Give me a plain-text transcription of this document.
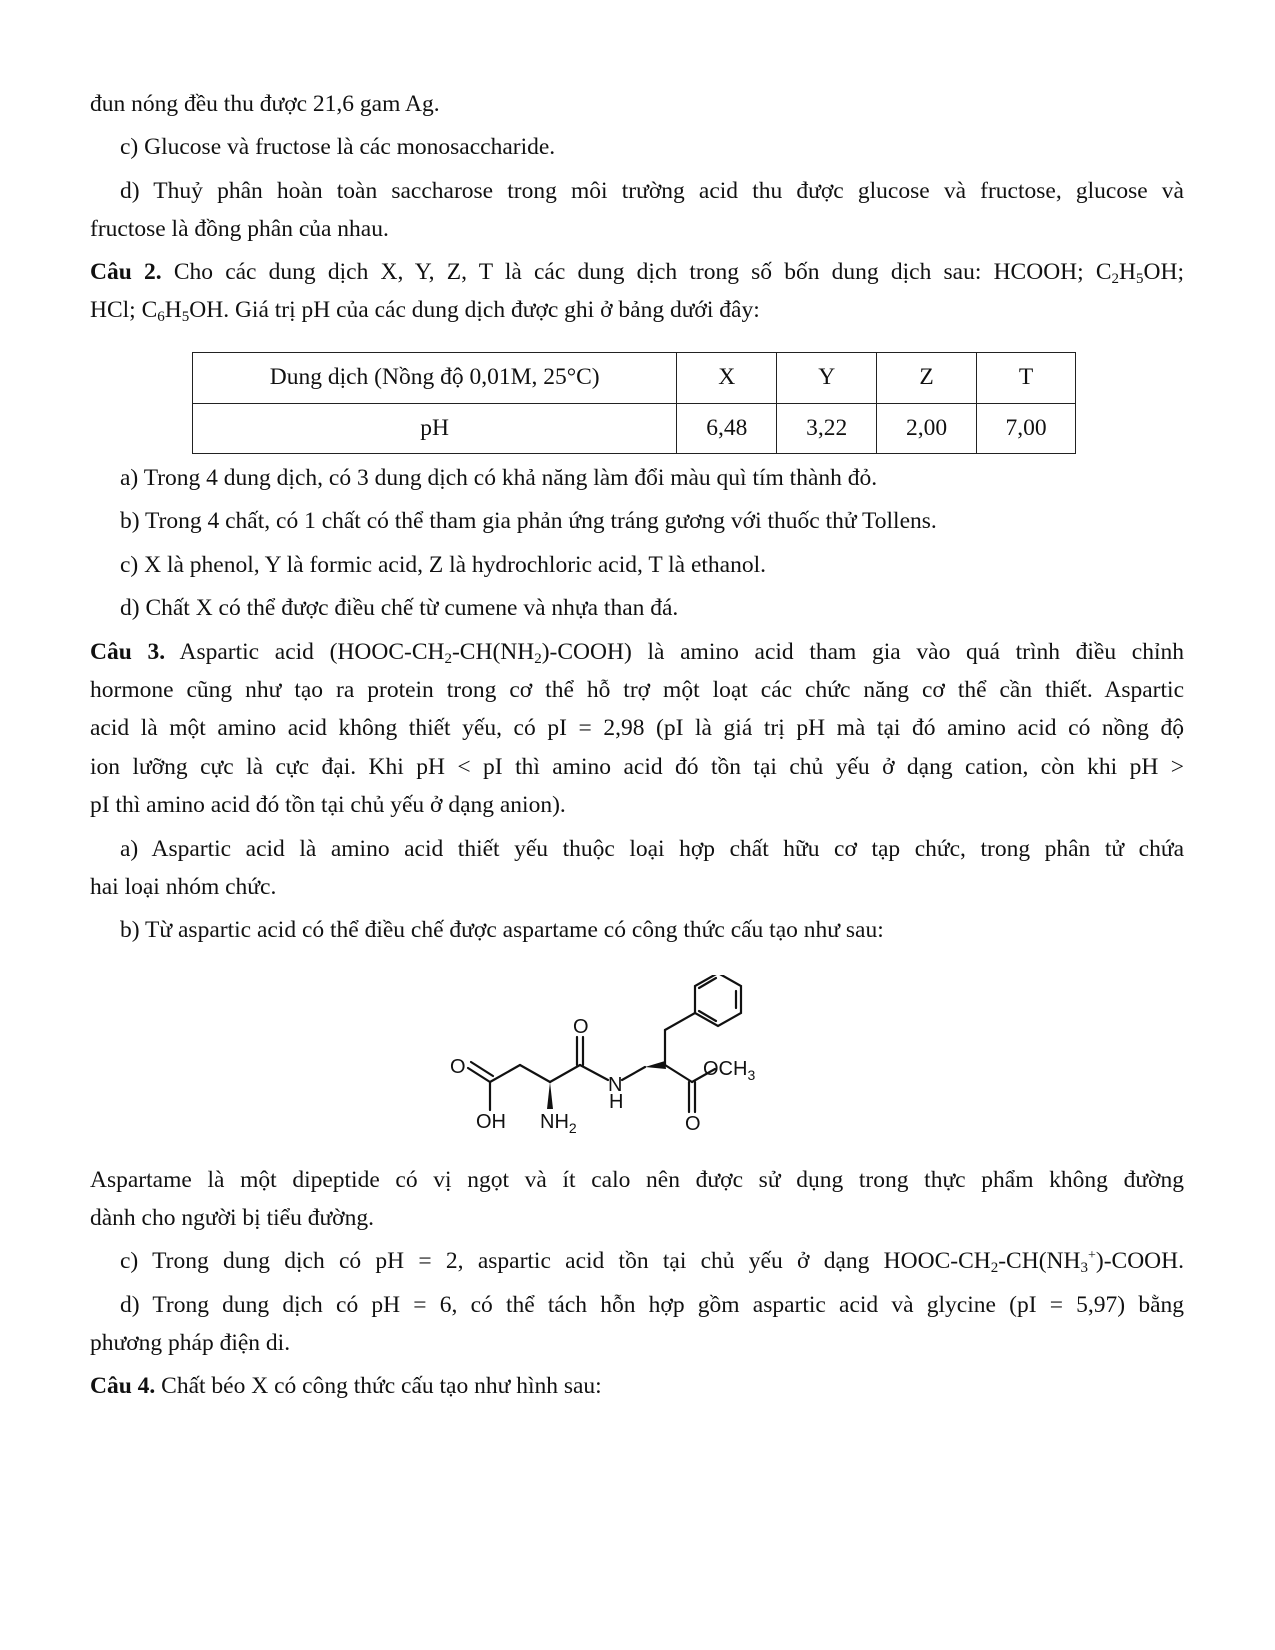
đun nóng đều thu được 21,6 gam Ag.

c) Glucose và fructose là các monosaccharide.

d) Thuỷ phân hoàn toàn saccharose trong môi trường acid thu được glucose và fructose, glucose và

fructose là đồng phân của nhau.

Câu 2. Cho các dung dịch X, Y, Z, T là các dung dịch trong số bốn dung dịch sau: HCOOH; $C_2H_5OH$;

HCl; $C_6H_5OH$. Giá trị pH của các dung dịch được ghi ở bảng dưới đây:

Dung dịch (Nồng độ 0,01M, 25°C)	X	Y	Z	T
pH	6,48	3,22	2,00	7,00

a) Trong 4 dung dịch, có 3 dung dịch có khả năng làm đổi màu quì tím thành đỏ.

b) Trong 4 chất, có 1 chất có thể tham gia phản ứng tráng gương với thuốc thử Tollens.

c) X là phenol, Y là formic acid, Z là hydrochloric acid, T là ethanol.

d) Chất X có thể được điều chế từ cumene và nhựa than đá.

Câu 3. Aspartic acid $(HOOC-CH_2-CH(NH_2)-COOH)$ là amino acid tham gia vào quá trình điều chỉnh

hormone cũng như tạo ra protein trong cơ thể hỗ trợ một loạt các chức năng cơ thể cần thiết. Aspartic

acid là một amino acid không thiết yếu, có pI = 2,98 (pI là giá trị pH mà tại đó amino acid có nồng độ

ion lưỡng cực là cực đại. Khi pH < pI thì amino acid đó tồn tại chủ yếu ở dạng cation, còn khi pH >

pI thì amino acid đó tồn tại chủ yếu ở dạng anion).

a) Aspartic acid là amino acid thiết yếu thuộc loại hợp chất hữu cơ tạp chức, trong phân tử chứa

hai loại nhóm chức.

b) Từ aspartic acid có thể điều chế được aspartame có công thức cấu tạo như sau:

O
O
OH $NH_2$
N
H
$OCH_3$
O

Aspartame là một dipeptide có vị ngọt và ít calo nên được sử dụng trong thực phẩm không đường

dành cho người bị tiểu đường.

c) Trong dung dịch có pH = 2, aspartic acid tồn tại chủ yếu ở dạng HOOC-$CH_2-CH(NH_3^+)$-COOH.

d) Trong dung dịch có pH = 6, có thể tách hỗn hợp gồm aspartic acid và glycine (pI = 5,97) bằng

phương pháp điện di.

Câu 4. Chất béo X có công thức cấu tạo như hình sau:
